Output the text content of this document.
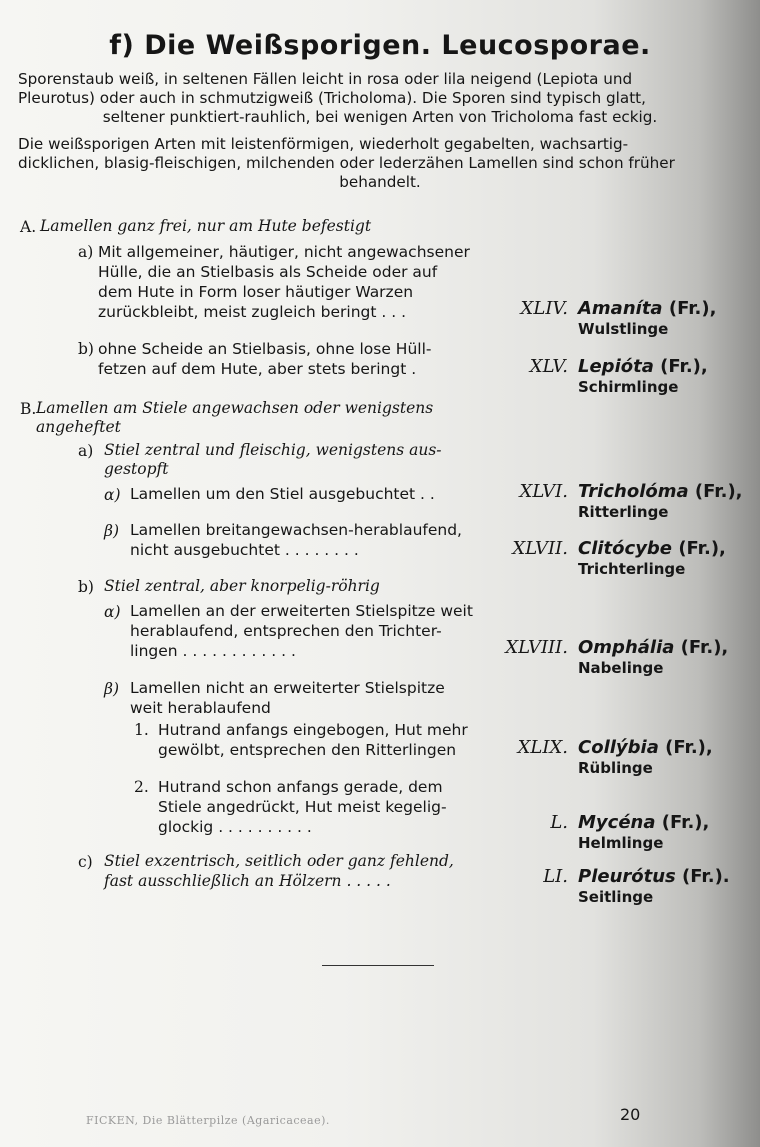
f) Die Weißsporigen. Leucosporae.
Sporenstaub weiß, in seltenen Fällen leicht in rosa oder lila neigend (Lepiota und
Pleurotus) oder auch in schmutzigweiß (Tricholoma). Die Sporen sind typisch glatt,
seltener punktiert-rauhlich, bei wenigen Arten von Tricholoma fast eckig.
Die weißsporigen Arten mit leistenförmigen, wiederholt gegabelten, wachsartig-
dicklichen, blasig-fleischigen, milchenden oder lederzähen Lamellen sind schon früher
behandelt.
A. Lamellen ganz frei, nur am Hute befestigt
a) Mit allgemeiner, häutiger, nicht angewachsener
Hülle, die an Stielbasis als Scheide oder auf
dem Hute in Form loser häutiger Warzen
zurückbleibt, meist zugleich beringt . . .
b) ohne Scheide an Stielbasis, ohne lose Hüll-
fetzen auf dem Hute, aber stets beringt .
B. Lamellen am Stiele angewachsen oder wenigstens
angeheftet
a) Stiel zentral und fleischig, wenigstens aus-
gestopft
α) Lamellen um den Stiel ausgebuchtet . .
β) Lamellen breitangewachsen-herablaufend,
nicht ausgebuchtet . . . . . . . .
b) Stiel zentral, aber knorpelig-röhrig
α) Lamellen an der erweiterten Stielspitze weit
herablaufend, entsprechen den Trichter-
lingen . . . . . . . . . . . .
β) Lamellen nicht an erweiterter Stielspitze
weit herablaufend
1. Hutrand anfangs eingebogen, Hut mehr
gewölbt, entsprechen den Ritterlingen
2. Hutrand schon anfangs gerade, dem
Stiele angedrückt, Hut meist kegelig-
glockig . . . . . . . . . .
c) Stiel exzentrisch, seitlich oder ganz fehlend,
fast ausschließlich an Hölzern . . . . .
XLIV. Amaníta (Fr.),
Wulstlinge
XLV. Lepióta (Fr.),
Schirmlinge
XLVI. Tricholóma (Fr.),
Ritterlinge
XLVII. Clitócybe (Fr.),
Trichterlinge
XLVIII. Omphália (Fr.),
Nabelinge
XLIX. Collýbia (Fr.),
Rüblinge
L. Mycéna (Fr.),
Helmlinge
LI. Pleurótus (Fr.).
Seitlinge
FICKEN, Die Blätterpilze (Agaricaceae).	20
